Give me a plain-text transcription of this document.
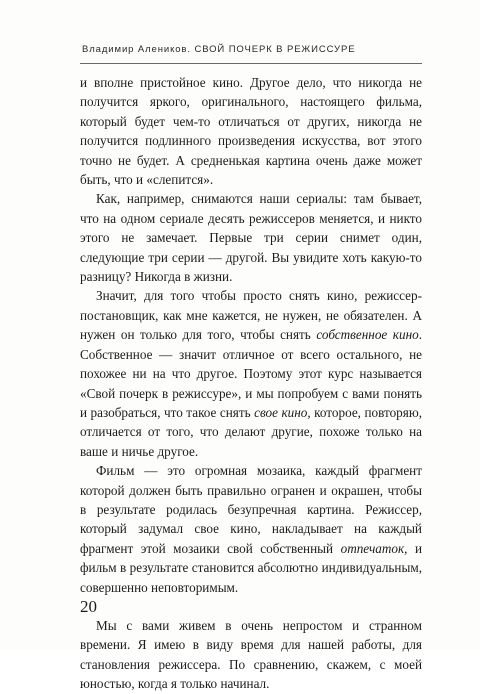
Владимир Алеников. СВОЙ ПОЧЕРК В РЕЖИССУРЕ

и вполне пристойное кино. Другое дело, что никогда не получится яркого, оригинального, настоящего фильма, который будет чем-то отличаться от других, никогда не получится подлинного произведения искусства, вот этого точно не будет. А средненькая картина очень даже может быть, что и «слепится».

Как, например, снимаются наши сериалы: там бывает, что на одном сериале десять режиссеров меняется, и никто этого не замечает. Первые три серии снимет один, следующие три серии — другой. Вы увидите хоть какую-то разницу? Никогда в жизни.

Значит, для того чтобы просто снять кино, режиссер-постановщик, как мне кажется, не нужен, не обязателен. А нужен он только для того, чтобы снять собственное кино. Собственное — значит отличное от всего остального, не похожее ни на что другое. Поэтому этот курс называется «Свой почерк в режиссуре», и мы попробуем с вами понять и разобраться, что такое снять свое кино, которое, повторяю, отличается от того, что делают другие, похоже только на ваше и ничье другое.

Фильм — это огромная мозаика, каждый фрагмент которой должен быть правильно огранен и окрашен, чтобы в результате родилась безупречная картина. Режиссер, который задумал свое кино, накладывает на каждый фрагмент этой мозаики свой собственный отпечаток, и фильм в результате становится абсолютно индивидуальным, совершенно неповторимым.

Мы с вами живем в очень непростом и странном времени. Я имею в виду время для нашей работы, для становления режиссера. По сравнению, скажем, с моей юностью, когда я только начинал.

20
